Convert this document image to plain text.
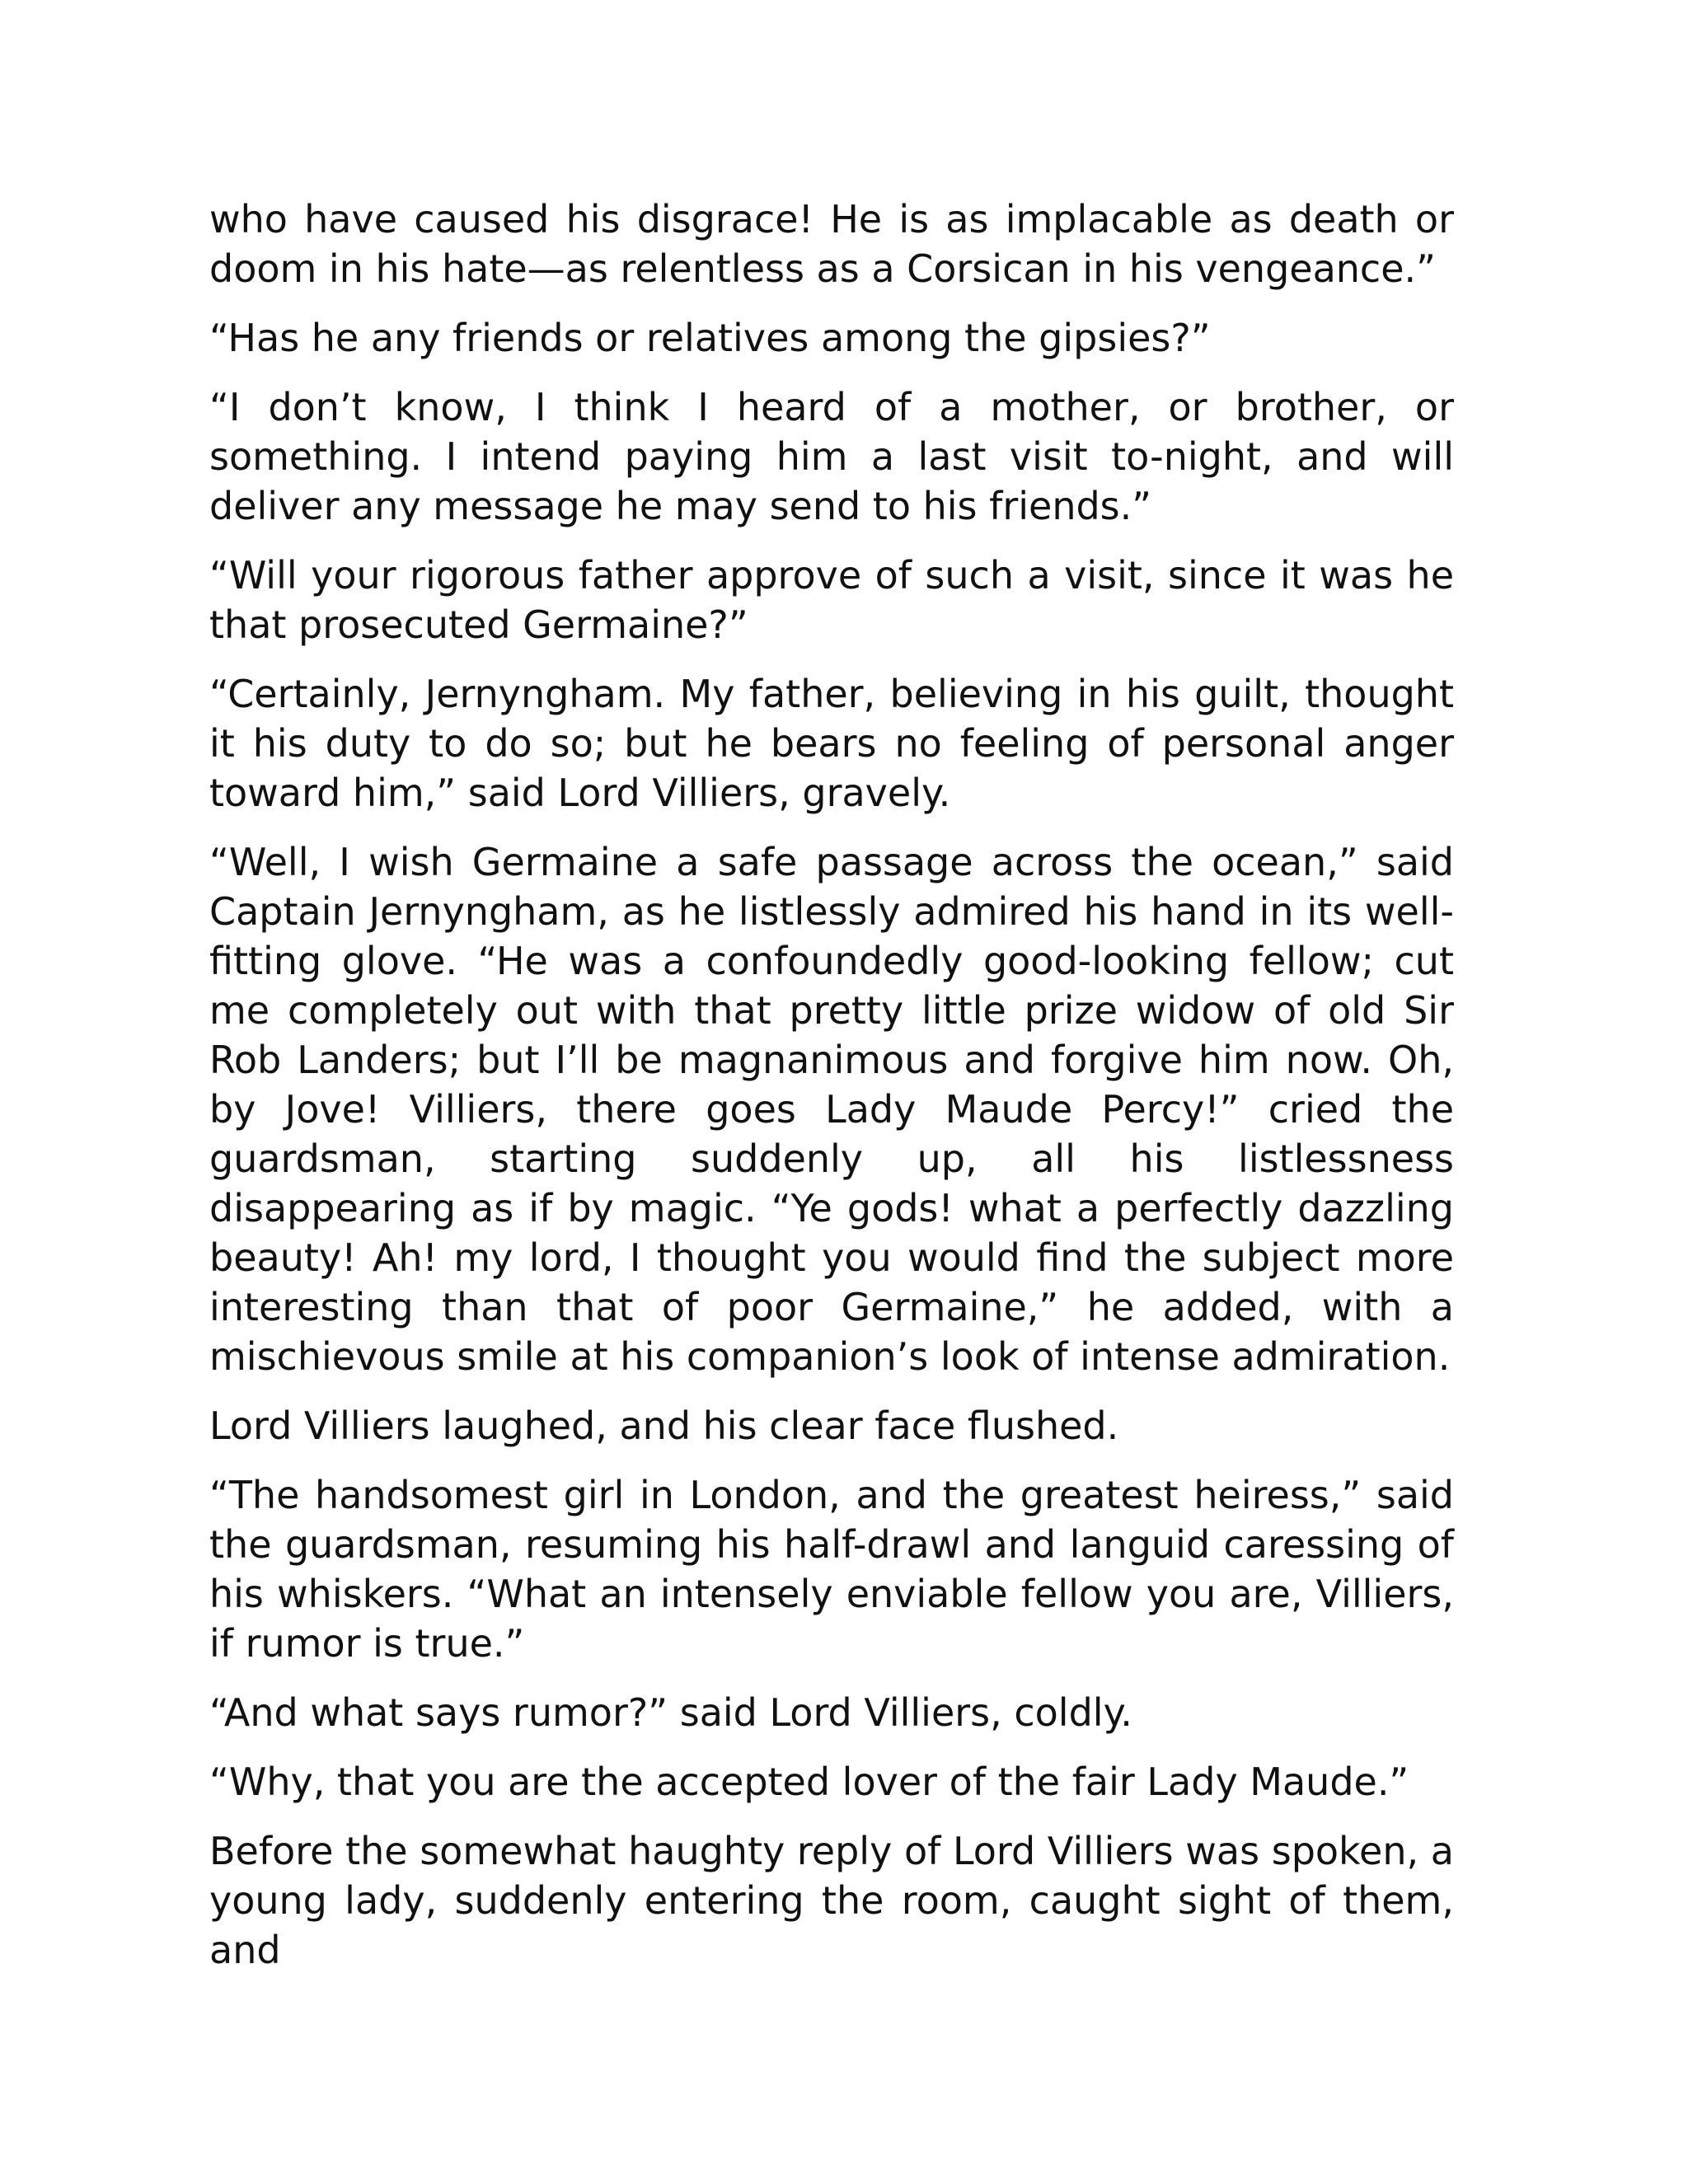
who have caused his disgrace! He is as implacable as death or doom in his hate—as relentless as a Corsican in his vengeance.”

“Has he any friends or relatives among the gipsies?”

“I don’t know, I think I heard of a mother, or brother, or something. I intend paying him a last visit to-night, and will deliver any message he may send to his friends.”

“Will your rigorous father approve of such a visit, since it was he that prosecuted Germaine?”

“Certainly, Jernyngham. My father, believing in his guilt, thought it his duty to do so; but he bears no feeling of personal anger toward him,” said Lord Villiers, gravely.

“Well, I wish Germaine a safe passage across the ocean,” said Captain Jernyngham, as he listlessly admired his hand in its well-fitting glove. “He was a confoundedly good-looking fellow; cut me completely out with that pretty little prize widow of old Sir Rob Landers; but I’ll be magnanimous and forgive him now. Oh, by Jove! Villiers, there goes Lady Maude Percy!” cried the guardsman, starting suddenly up, all his listlessness disappearing as if by magic. “Ye gods! what a perfectly dazzling beauty! Ah! my lord, I thought you would find the subject more interesting than that of poor Germaine,” he added, with a mischievous smile at his companion’s look of intense admiration.

Lord Villiers laughed, and his clear face flushed.

“The handsomest girl in London, and the greatest heiress,” said the guardsman, resuming his half-drawl and languid caressing of his whiskers. “What an intensely enviable fellow you are, Villiers, if rumor is true.”

“And what says rumor?” said Lord Villiers, coldly.

“Why, that you are the accepted lover of the fair Lady Maude.”

Before the somewhat haughty reply of Lord Villiers was spoken, a young lady, suddenly entering the room, caught sight of them, and
